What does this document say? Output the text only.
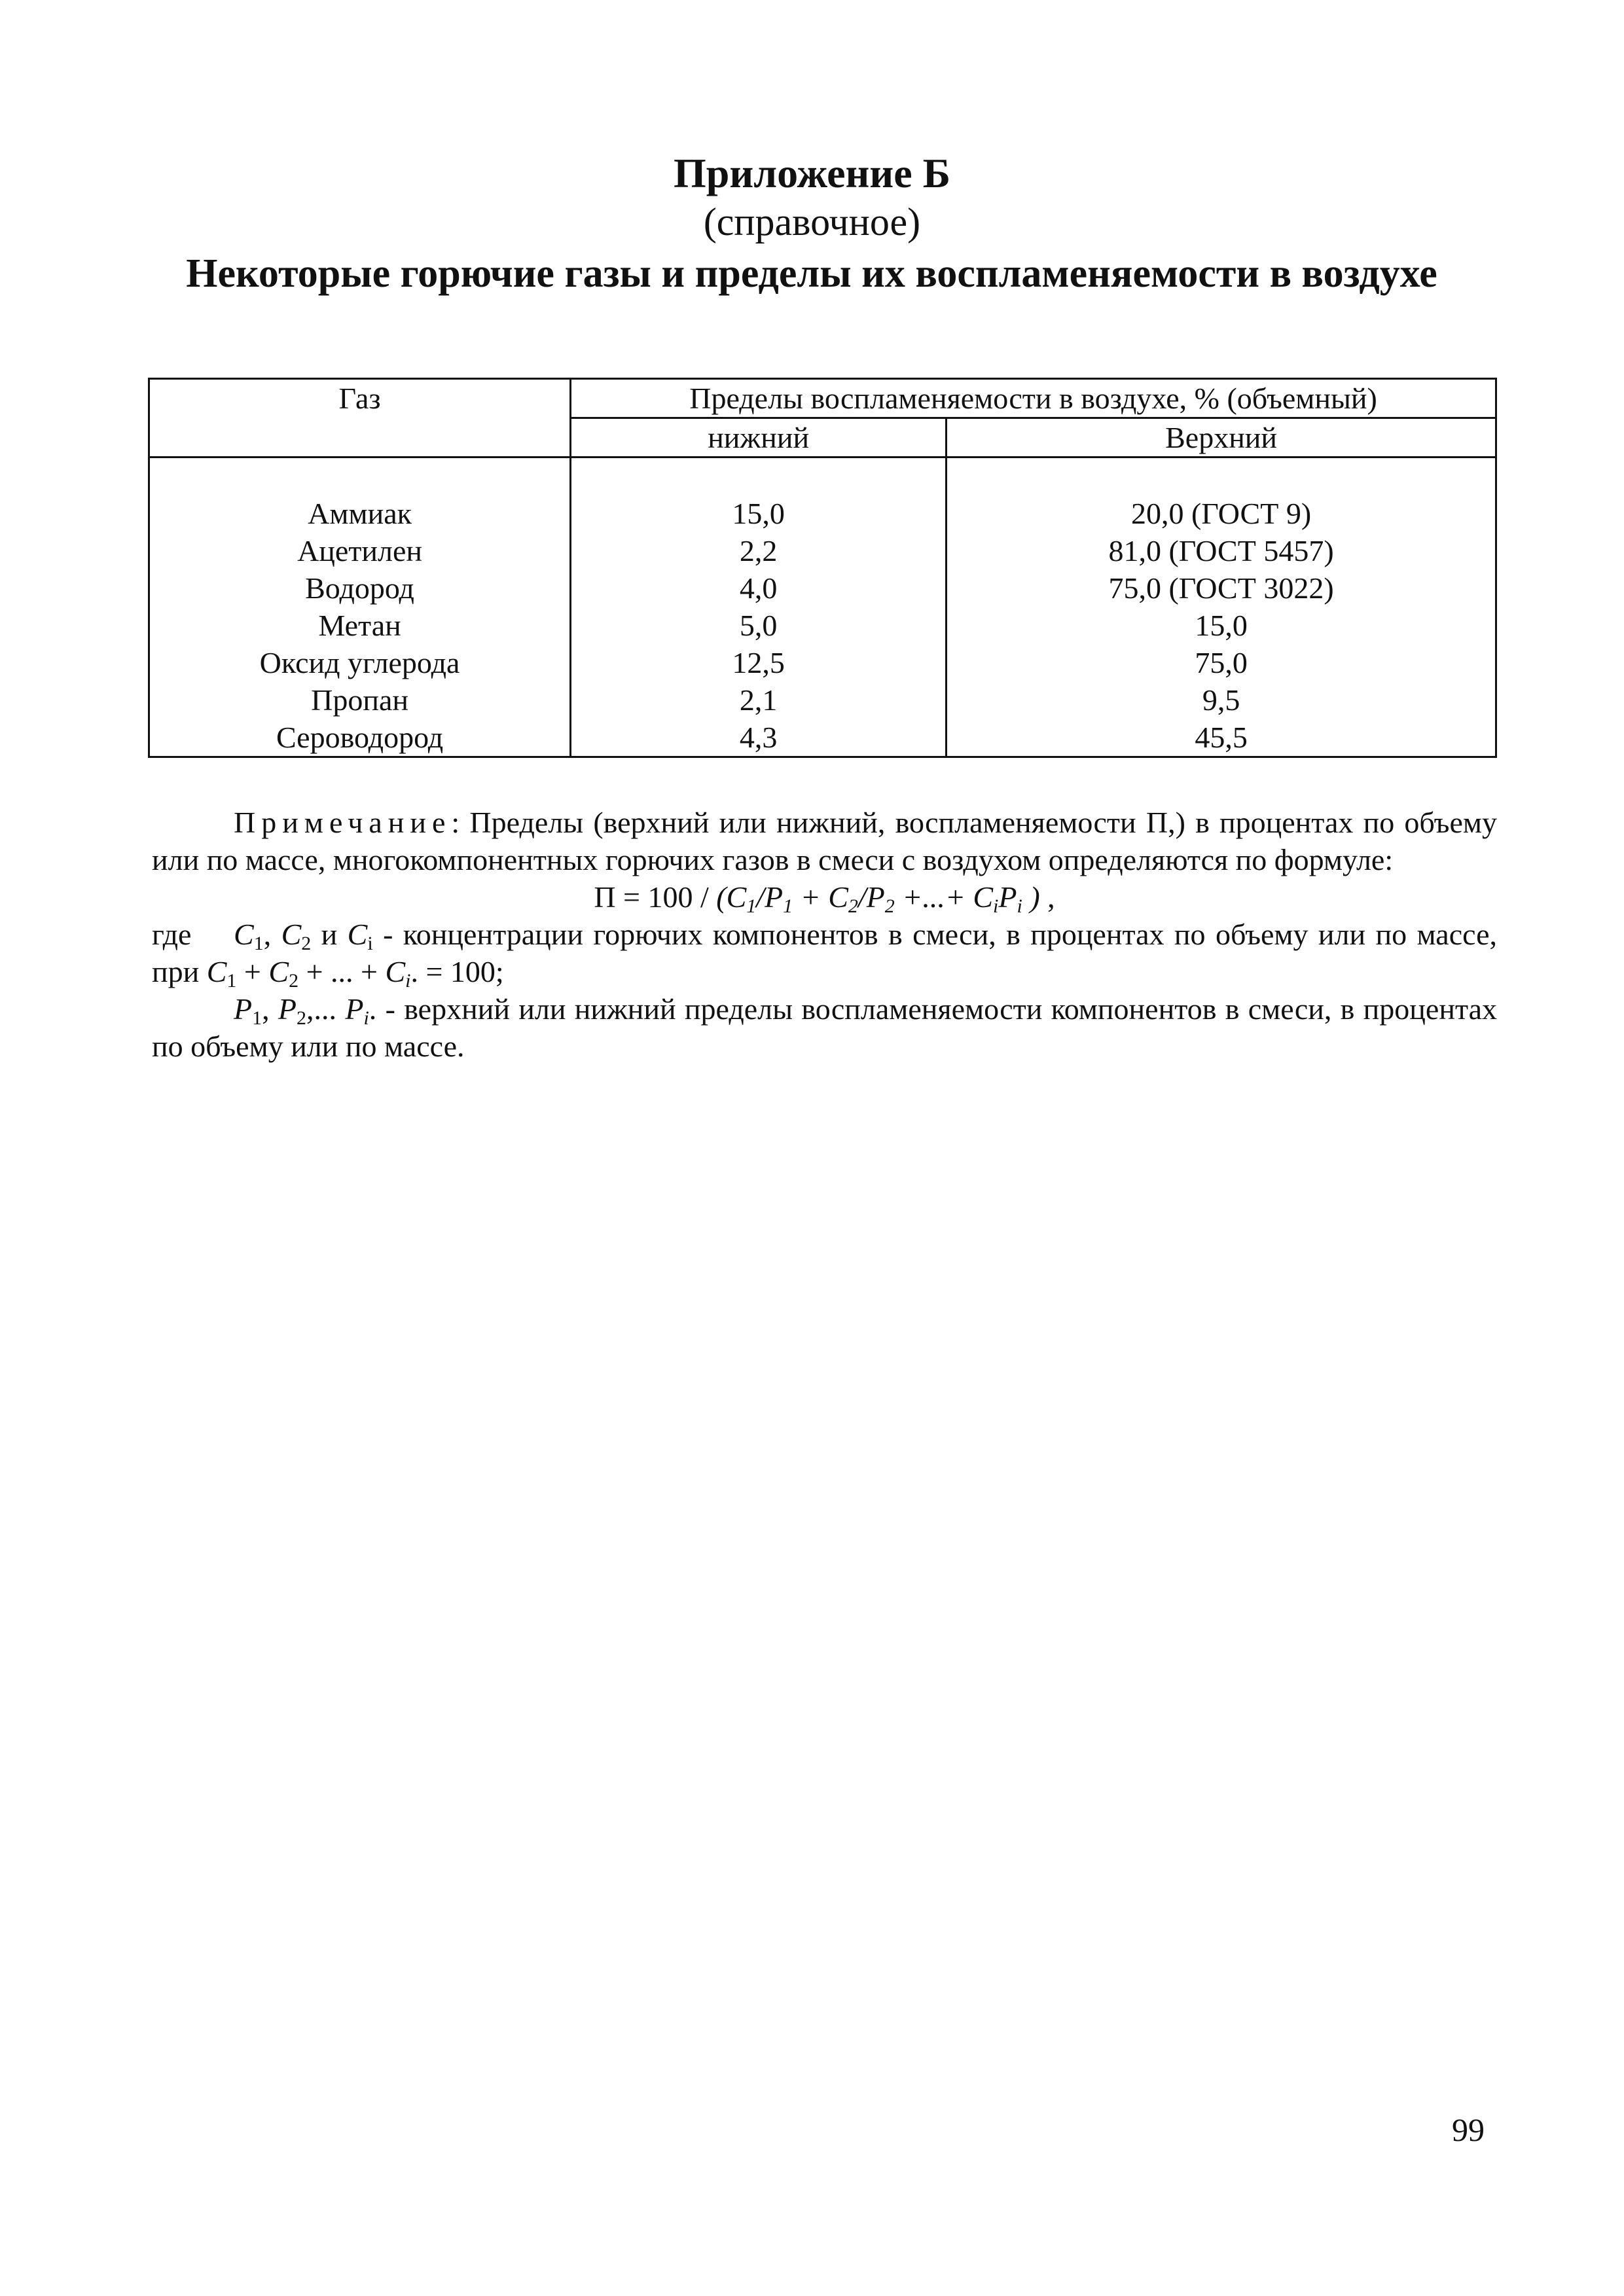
Приложение Б
(справочное)
Некоторые горючие газы и пределы их воспламеняемости в воздухе
Газ	Пределы воспламеняемости в воздухе, % (объемный)	
	нижний	Верхний

Аммиак	15,0	20,0 (ГОСТ 9)
Ацетилен	2,2	81,0 (ГОСТ 5457)
Водород	4,0	75,0 (ГОСТ 3022)
Метан	5,0	15,0
Оксид углерода	12,5	75,0
Пропан	2,1	9,5
Сероводород	4,3	45,5

Примечание: Пределы (верхний или нижний, воспламеняемости П,) в процентах по объему или по массе, многокомпонентных горючих газов в смеси с воздухом определяются по формуле:

$П = 100 / (C_1/P_1 + C_2/P_2$ +...+ $C_iP_i$ ) ,

где $C_1$, $C_2$ и $C_i$ - концентрации горючих компонентов в смеси, в процентах по объему или по массе, при $C_1 + C_2$ + ... + $C_i$. = 100;

$P_1$, $P_2$,... $P_i$. - верхний или нижний пределы воспламеняемости компонентов в смеси, в процентах по объему или по массе.

99
